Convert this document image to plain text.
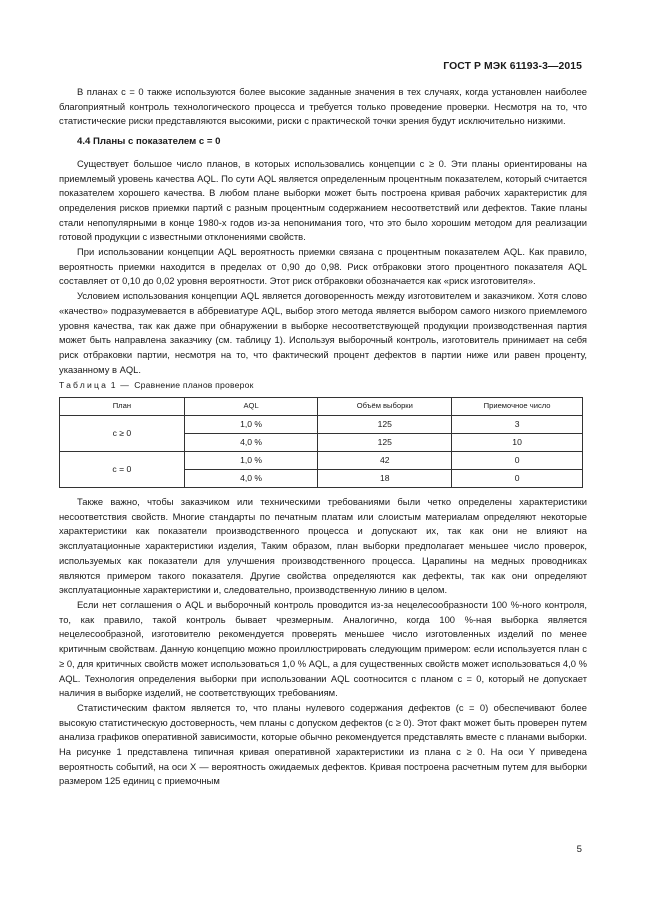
ГОСТ Р МЭК 61193-3—2015

В планах c = 0 также используются более высокие заданные значения в тех случаях, когда установлен наиболее благоприятный контроль технологического процесса и требуется только проведение проверки. Несмотря на то, что статистические риски представляются высокими, риски с практической точки зрения будут исключительно низкими.

4.4 Планы с показателем c = 0

Существует большое число планов, в которых использовались концепции c ≥ 0. Эти планы ориентированы на приемлемый уровень качества AQL. По сути AQL является определенным процентным показателем, который считается показателем хорошего качества. В любом плане выборки может быть построена кривая рабочих характеристик для определения рисков приемки партий с разным процентным содержанием несоответствий или дефектов. Такие планы стали непопулярными в конце 1980-х годов из-за непонимания того, что это было хорошим методом для реализации готовой продукции с известными отклонениями свойств.

При использовании концепции AQL вероятность приемки связана с процентным показателем AQL. Как правило, вероятность приемки находится в пределах от 0,90 до 0,98. Риск отбраковки этого процентного показателя AQL составляет от 0,10 до 0,02 уровня вероятности. Этот риск отбраковки обозначается как «риск изготовителя».

Условием использования концепции AQL является договоренность между изготовителем и заказчиком. Хотя слово «качество» подразумевается в аббревиатуре AQL, выбор этого метода является выбором самого низкого приемлемого уровня качества, так как даже при обнаружении в выборке несоответствующей продукции производственная партия может быть направлена заказчику (см. таблицу 1). Используя выборочный контроль, изготовитель принимает на себя риск отбраковки партии, несмотря на то, что фактический процент дефектов в партии ниже или равен проценту, указанному в AQL.

Таблица 1 — Сравнение планов проверок
План	AQL	Объём выборки	Приемочное число
c ≥ 0	1,0 %	125	3
	4,0 %	125	10
c = 0	1,0 %	42	0
	4,0 %	18	0

Также важно, чтобы заказчиком или техническими требованиями были четко определены характеристики несоответствия свойств. Многие стандарты по печатным платам или слоистым материалам определяют некоторые характеристики как показатели производственного процесса и допускают их, так как они не влияют на эксплуатационные характеристики изделия, Таким образом, план выборки предполагает меньшее число проверок, используемых как показатели для улучшения производственного процесса. Царапины на медных проводниках являются примером такого показателя. Другие свойства определяются как дефекты, так как они определяют эксплуатационные характеристики и, следовательно, производственную линию в целом.

Если нет соглашения о AQL и выборочный контроль проводится из-за нецелесообразности 100 %-ного контроля, то, как правило, такой контроль бывает чрезмерным. Аналогично, когда 100 %-ная выборка является нецелесообразной, изготовителю рекомендуется проверять меньшее число изготовленных изделий по менее критичным свойствам. Данную концепцию можно проиллюстрировать следующим примером: если используется план c ≥ 0, для критичных свойств может использоваться 1,0 % AQL, а для существенных свойств может использоваться 4,0 % AQL. Технология определения выборки при использовании AQL соотносится с планом c = 0, который не допускает наличия в выборке изделий, не соответствующих требованиям.

Статистическим фактом является то, что планы нулевого содержания дефектов (c = 0) обеспечивают более высокую статистическую достоверность, чем планы c допуском дефектов (c ≥ 0). Этот факт может быть проверен путем анализа графиков оперативной зависимости, которые обычно рекомендуется представлять вместе с планами выборки. На рисунке 1 представлена типичная кривая оперативной характеристики из плана c ≥ 0. На оси Y приведена вероятность событий, на оси X — вероятность ожидаемых дефектов. Кривая построена расчетным путем для выборки размером 125 единиц с приемочным

5
